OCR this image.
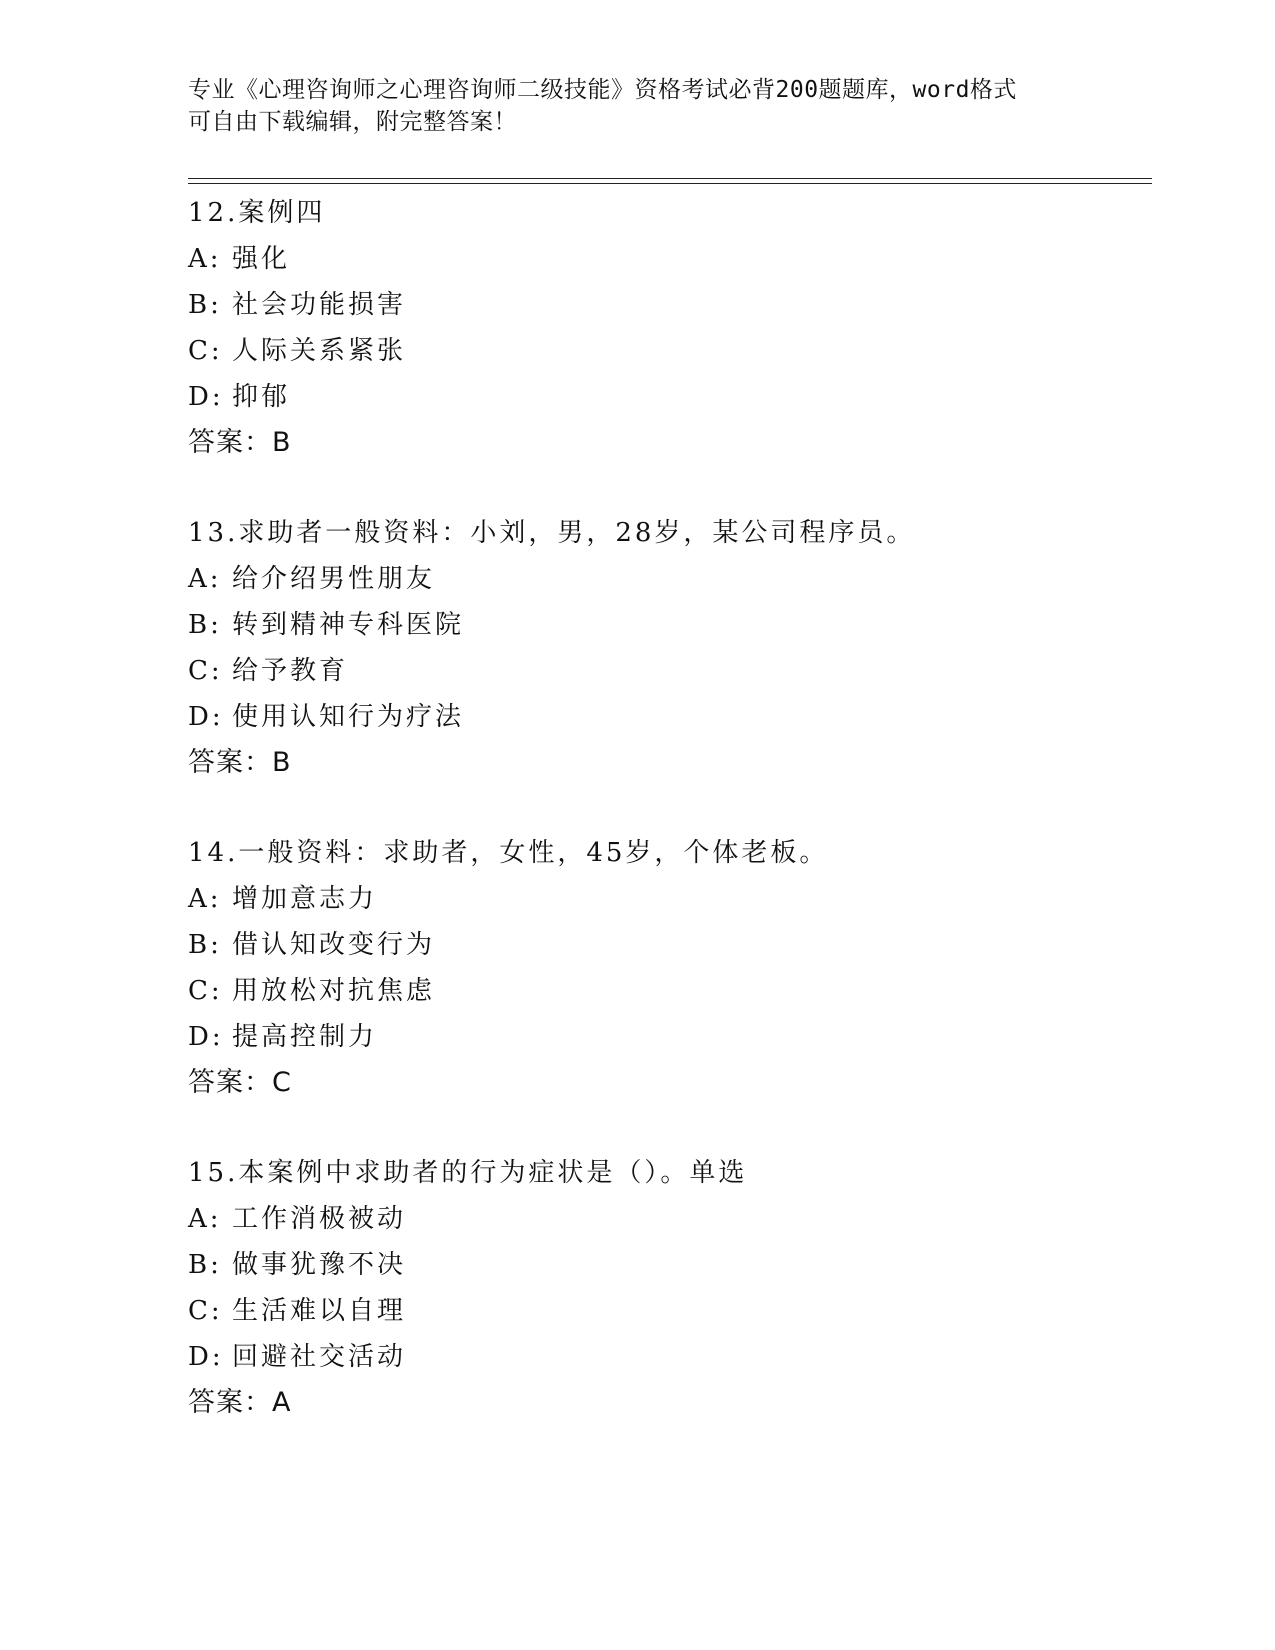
专业《心理咨询师之心理咨询师二级技能》资格考试必背200题题库，word格式
可自由下载编辑，附完整答案！
12.案例四
A: 强化
B: 社会功能损害
C: 人际关系紧张
D: 抑郁
答案：B
13.求助者一般资料：小刘，男，28岁，某公司程序员。
A: 给介绍男性朋友
B: 转到精神专科医院
C: 给予教育
D: 使用认知行为疗法
答案：B
14.一般资料：求助者，女性，45岁，个体老板。
A: 增加意志力
B: 借认知改变行为
C: 用放松对抗焦虑
D: 提高控制力
答案：C
15.本案例中求助者的行为症状是（）。单选
A: 工作消极被动
B: 做事犹豫不决
C: 生活难以自理
D: 回避社交活动
答案：A
